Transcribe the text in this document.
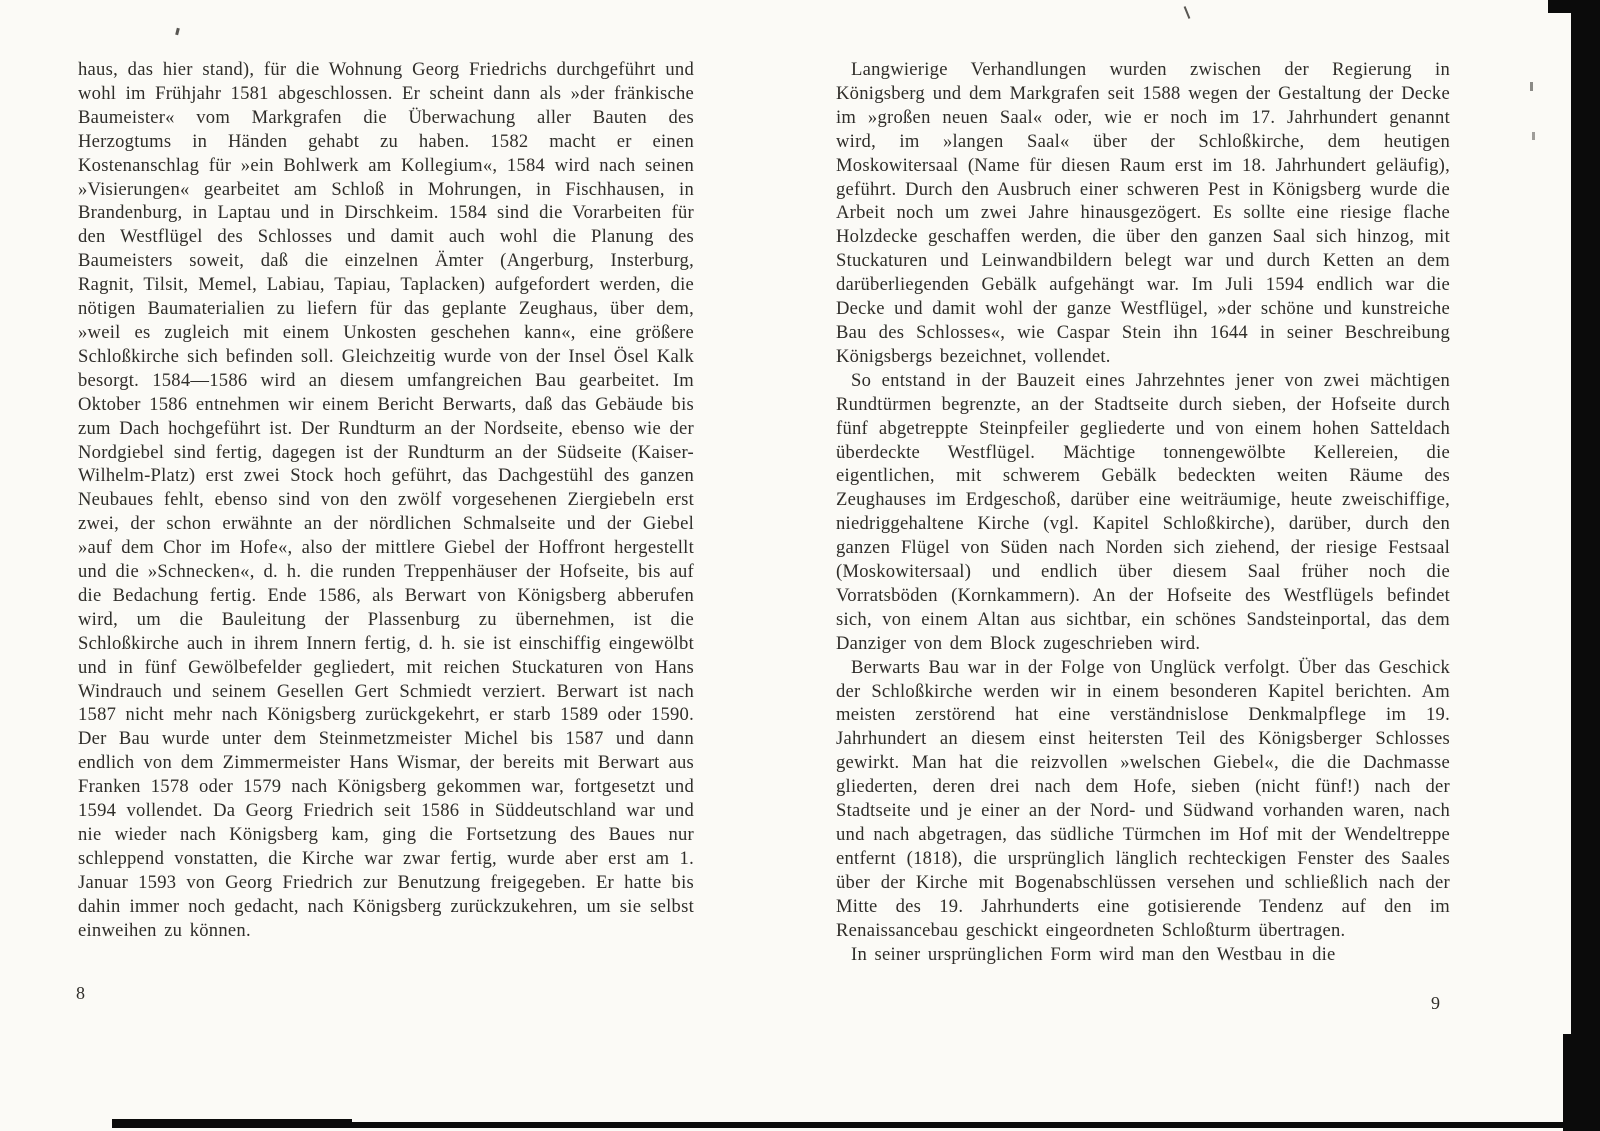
haus, das hier stand), für die Wohnung Georg Friedrichs durchgeführt und wohl im Frühjahr 1581 abgeschlossen. Er scheint dann als »der fränkische Baumeister« vom Markgrafen die Überwachung aller Bauten des Herzogtums in Händen gehabt zu haben. 1582 macht er einen Kostenanschlag für »ein Bohlwerk am Kollegium«, 1584 wird nach seinen »Visierungen« gearbeitet am Schloß in Mohrungen, in Fischhausen, in Brandenburg, in Laptau und in Dirschkeim. 1584 sind die Vorarbeiten für den Westflügel des Schlosses und damit auch wohl die Planung des Baumeisters soweit, daß die einzelnen Ämter (Angerburg, Insterburg, Ragnit, Tilsit, Memel, Labiau, Tapiau, Taplacken) aufgefordert werden, die nötigen Baumaterialien zu liefern für das geplante Zeughaus, über dem, »weil es zugleich mit einem Unkosten geschehen kann«, eine größere Schloßkirche sich befinden soll. Gleichzeitig wurde von der Insel Ösel Kalk besorgt. 1584—1586 wird an diesem umfangreichen Bau gearbeitet. Im Oktober 1586 entnehmen wir einem Bericht Berwarts, daß das Gebäude bis zum Dach hochgeführt ist. Der Rundturm an der Nordseite, ebenso wie der Nordgiebel sind fertig, dagegen ist der Rundturm an der Südseite (Kaiser-Wilhelm-Platz) erst zwei Stock hoch geführt, das Dachgestühl des ganzen Neubaues fehlt, ebenso sind von den zwölf vorgesehenen Ziergiebeln erst zwei, der schon erwähnte an der nördlichen Schmalseite und der Giebel »auf dem Chor im Hofe«, also der mittlere Giebel der Hoffront hergestellt und die »Schnecken«, d. h. die runden Treppenhäuser der Hofseite, bis auf die Bedachung fertig. Ende 1586, als Berwart von Königsberg abberufen wird, um die Bauleitung der Plassenburg zu übernehmen, ist die Schloßkirche auch in ihrem Innern fertig, d. h. sie ist einschiffig eingewölbt und in fünf Gewölbefelder gegliedert, mit reichen Stuckaturen von Hans Windrauch und seinem Gesellen Gert Schmiedt verziert. Berwart ist nach 1587 nicht mehr nach Königsberg zurückgekehrt, er starb 1589 oder 1590. Der Bau wurde unter dem Steinmetzmeister Michel bis 1587 und dann endlich von dem Zimmermeister Hans Wismar, der bereits mit Berwart aus Franken 1578 oder 1579 nach Königsberg gekommen war, fortgesetzt und 1594 vollendet. Da Georg Friedrich seit 1586 in Süddeutschland war und nie wieder nach Königsberg kam, ging die Fortsetzung des Baues nur schleppend vonstatten, die Kirche war zwar fertig, wurde aber erst am 1. Januar 1593 von Georg Friedrich zur Benutzung freigegeben. Er hatte bis dahin immer noch gedacht, nach Königsberg zurückzukehren, um sie selbst einweihen zu können.

Langwierige Verhandlungen wurden zwischen der Regierung in Königsberg und dem Markgrafen seit 1588 wegen der Gestaltung der Decke im »großen neuen Saal« oder, wie er noch im 17. Jahrhundert genannt wird, im »langen Saal« über der Schloßkirche, dem heutigen Moskowitersaal (Name für diesen Raum erst im 18. Jahrhundert geläufig), geführt. Durch den Ausbruch einer schweren Pest in Königsberg wurde die Arbeit noch um zwei Jahre hinausgezögert. Es sollte eine riesige flache Holzdecke geschaffen werden, die über den ganzen Saal sich hinzog, mit Stuckaturen und Leinwandbildern belegt war und durch Ketten an dem darüberliegenden Gebälk aufgehängt war. Im Juli 1594 endlich war die Decke und damit wohl der ganze Westflügel, »der schöne und kunstreiche Bau des Schlosses«, wie Caspar Stein ihn 1644 in seiner Beschreibung Königsbergs bezeichnet, vollendet.

So entstand in der Bauzeit eines Jahrzehntes jener von zwei mächtigen Rundtürmen begrenzte, an der Stadtseite durch sieben, der Hofseite durch fünf abgetreppte Steinpfeiler gegliederte und von einem hohen Satteldach überdeckte Westflügel. Mächtige tonnengewölbte Kellereien, die eigentlichen, mit schwerem Gebälk bedeckten weiten Räume des Zeughauses im Erdgeschoß, darüber eine weiträumige, heute zweischiffige, niedriggehaltene Kirche (vgl. Kapitel Schloßkirche), darüber, durch den ganzen Flügel von Süden nach Norden sich ziehend, der riesige Festsaal (Moskowitersaal) und endlich über diesem Saal früher noch die Vorratsböden (Kornkammern). An der Hofseite des Westflügels befindet sich, von einem Altan aus sichtbar, ein schönes Sandsteinportal, das dem Danziger von dem Block zugeschrieben wird.

Berwarts Bau war in der Folge von Unglück verfolgt. Über das Geschick der Schloßkirche werden wir in einem besonderen Kapitel berichten. Am meisten zerstörend hat eine verständnislose Denkmalpflege im 19. Jahrhundert an diesem einst heitersten Teil des Königsberger Schlosses gewirkt. Man hat die reizvollen »welschen Giebel«, die die Dachmasse gliederten, deren drei nach dem Hofe, sieben (nicht fünf!) nach der Stadtseite und je einer an der Nord- und Südwand vorhanden waren, nach und nach abgetragen, das südliche Türmchen im Hof mit der Wendeltreppe entfernt (1818), die ursprünglich länglich rechteckigen Fenster des Saales über der Kirche mit Bogenabschlüssen versehen und schließlich nach der Mitte des 19. Jahrhunderts eine gotisierende Tendenz auf den im Renaissancebau geschickt eingeordneten Schloßturm übertragen.

In seiner ursprünglichen Form wird man den Westbau in die

8	9
